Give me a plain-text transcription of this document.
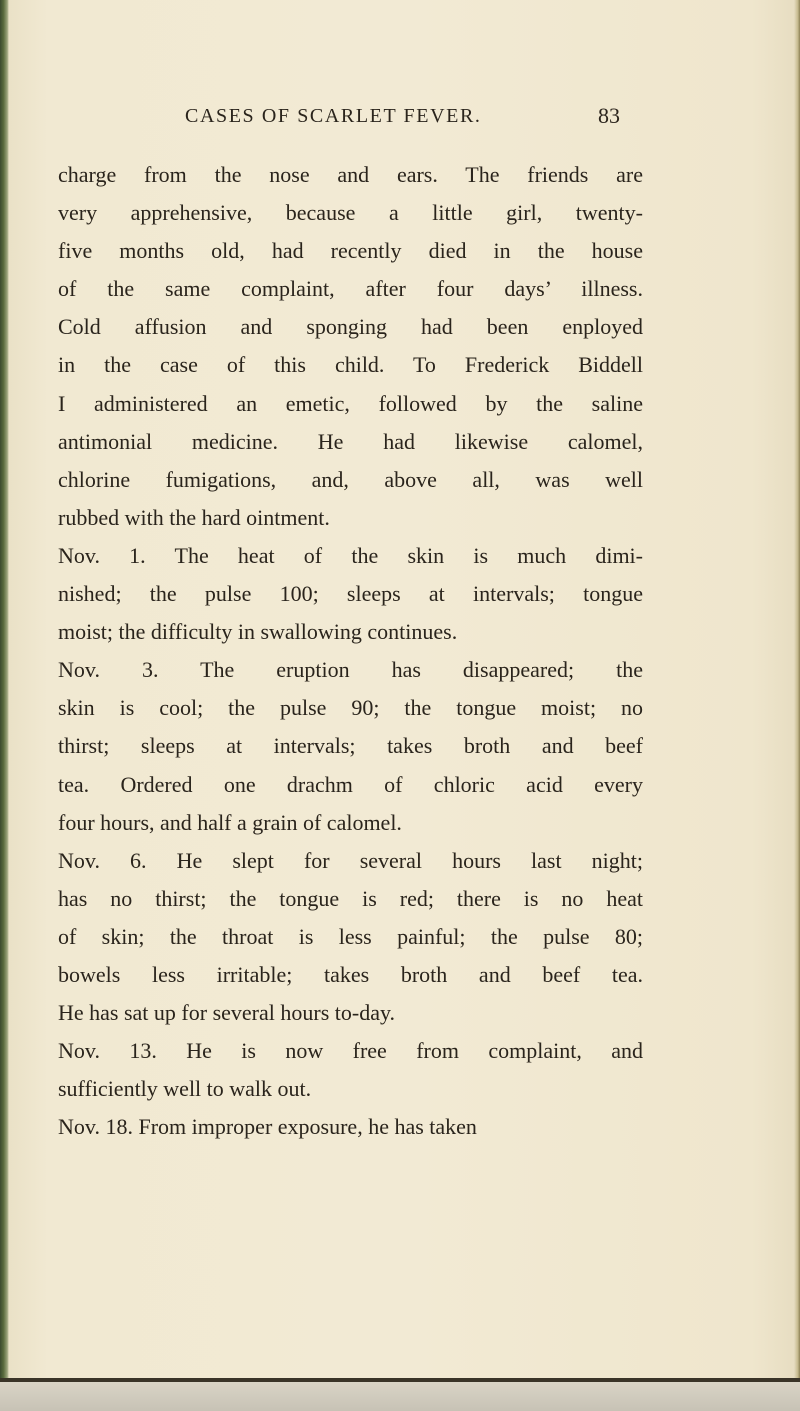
CASES OF SCARLET FEVER.	83
charge from the nose and ears. The friends are
very apprehensive, because a little girl, twenty-
five months old, had recently died in the house
of the same complaint, after four days’ illness.
Cold affusion and sponging had been enployed
in the case of this child. To Frederick Biddell
I administered an emetic, followed by the saline
antimonial medicine. He had likewise calomel,
chlorine fumigations, and, above all, was well
rubbed with the hard ointment.
Nov. 1. The heat of the skin is much dimi-
nished; the pulse 100; sleeps at intervals; tongue
moist; the difficulty in swallowing continues.
Nov. 3. The eruption has disappeared; the
skin is cool; the pulse 90; the tongue moist; no
thirst; sleeps at intervals; takes broth and beef
tea. Ordered one drachm of chloric acid every
four hours, and half a grain of calomel.
Nov. 6. He slept for several hours last night;
has no thirst; the tongue is red; there is no heat
of skin; the throat is less painful; the pulse 80;
bowels less irritable; takes broth and beef tea.
He has sat up for several hours to-day.
Nov. 13. He is now free from complaint, and
sufficiently well to walk out.
Nov. 18. From improper exposure, he has taken
